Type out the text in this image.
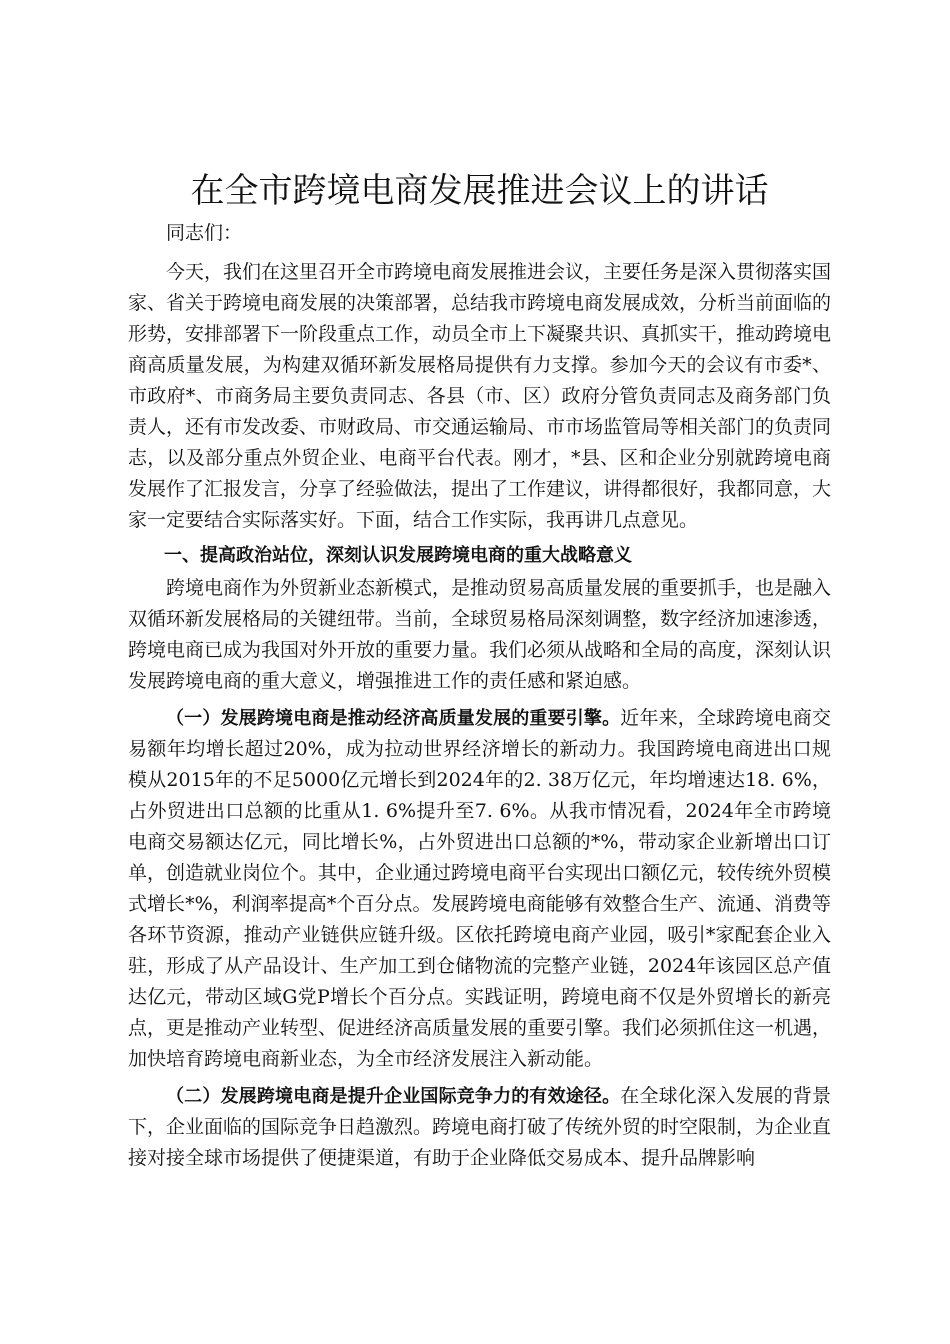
在全市跨境电商发展推进会议上的讲话

同志们：

今天，我们在这里召开全市跨境电商发展推进会议，主要任务是深入贯彻落实国家、省关于跨境电商发展的决策部署，总结我市跨境电商发展成效，分析当前面临的形势，安排部署下一阶段重点工作，动员全市上下凝聚共识、真抓实干，推动跨境电商高质量发展，为构建双循环新发展格局提供有力支撑。参加今天的会议有市委*、市政府*、市商务局主要负责同志、各县（市、区）政府分管负责同志及商务部门负责人，还有市发改委、市财政局、市交通运输局、市市场监管局等相关部门的负责同志，以及部分重点外贸企业、电商平台代表。刚才，*县、区和企业分别就跨境电商发展作了汇报发言，分享了经验做法，提出了工作建议，讲得都很好，我都同意，大家一定要结合实际落实好。下面，结合工作实际，我再讲几点意见。

一、提高政治站位，深刻认识发展跨境电商的重大战略意义

跨境电商作为外贸新业态新模式，是推动贸易高质量发展的重要抓手，也是融入双循环新发展格局的关键纽带。当前，全球贸易格局深刻调整，数字经济加速渗透，跨境电商已成为我国对外开放的重要力量。我们必须从战略和全局的高度，深刻认识发展跨境电商的重大意义，增强推进工作的责任感和紧迫感。

（一）发展跨境电商是推动经济高质量发展的重要引擎。近年来，全球跨境电商交易额年均增长超过20%，成为拉动世界经济增长的新动力。我国跨境电商进出口规模从2015年的不足5000亿元增长到2024年的2. 38万亿元，年均增速达18. 6%，占外贸进出口总额的比重从1. 6%提升至7. 6%。从我市情况看，2024年全市跨境电商交易额达亿元，同比增长%，占外贸进出口总额的*%，带动家企业新增出口订单，创造就业岗位个。其中，企业通过跨境电商平台实现出口额亿元，较传统外贸模式增长*%，利润率提高*个百分点。发展跨境电商能够有效整合生产、流通、消费等各环节资源，推动产业链供应链升级。区依托跨境电商产业园，吸引*家配套企业入驻，形成了从产品设计、生产加工到仓储物流的完整产业链，2024年该园区总产值达亿元，带动区域G党P增长个百分点。实践证明，跨境电商不仅是外贸增长的新亮点，更是推动产业转型、促进经济高质量发展的重要引擎。我们必须抓住这一机遇，加快培育跨境电商新业态，为全市经济发展注入新动能。

（二）发展跨境电商是提升企业国际竞争力的有效途径。在全球化深入发展的背景下，企业面临的国际竞争日趋激烈。跨境电商打破了传统外贸的时空限制，为企业直接对接全球市场提供了便捷渠道，有助于企业降低交易成本、提升品牌影响
